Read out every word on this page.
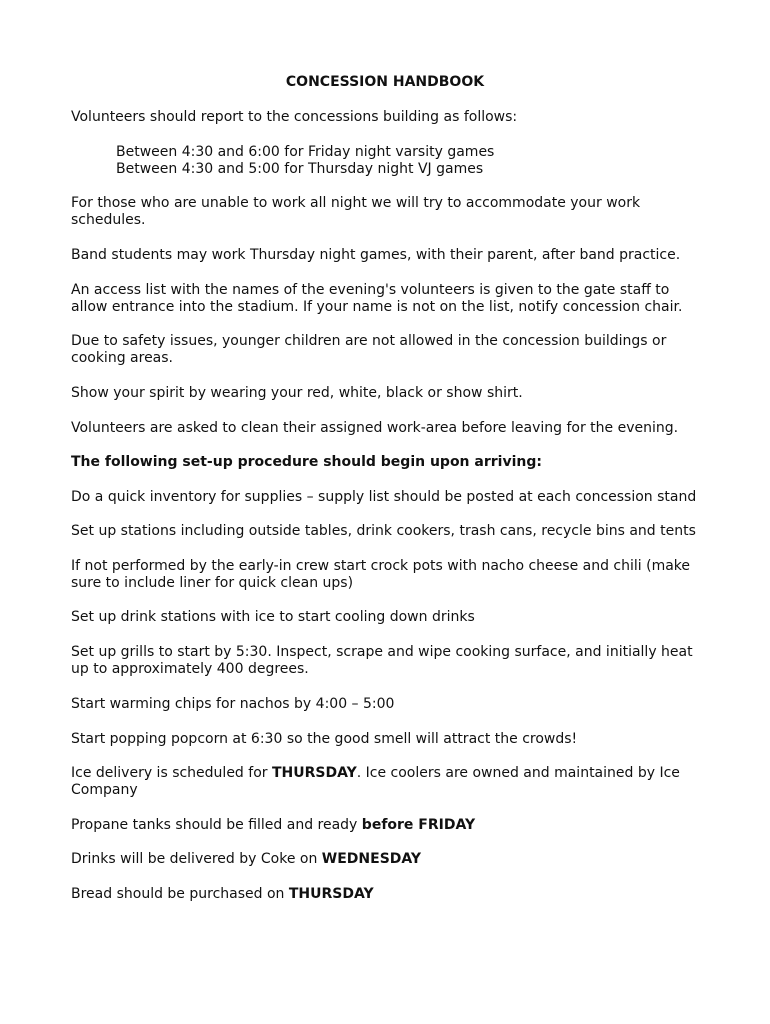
CONCESSION HANDBOOK

Volunteers should report to the concessions building as follows:

Between 4:30 and 6:00 for Friday night varsity games
Between 4:30 and 5:00 for Thursday night VJ games

For those who are unable to work all night we will try to accommodate your work
schedules.

Band students may work Thursday night games, with their parent, after band practice.

An access list with the names of the evening's volunteers is given to the gate staff to
allow entrance into the stadium. If your name is not on the list, notify concession chair.

Due to safety issues, younger children are not allowed in the concession buildings or
cooking areas.

Show your spirit by wearing your red, white, black or show shirt.

Volunteers are asked to clean their assigned work-area before leaving for the evening.

The following set-up procedure should begin upon arriving:

Do a quick inventory for supplies – supply list should be posted at each concession stand

Set up stations including outside tables, drink cookers, trash cans, recycle bins and tents

If not performed by the early-in crew start crock pots with nacho cheese and chili (make
sure to include liner for quick clean ups)

Set up drink stations with ice to start cooling down drinks

Set up grills to start by 5:30. Inspect, scrape and wipe cooking surface, and initially heat
up to approximately 400 degrees.

Start warming chips for nachos by 4:00 – 5:00

Start popping popcorn at 6:30 so the good smell will attract the crowds!

Ice delivery is scheduled for THURSDAY. Ice coolers are owned and maintained by Ice
Company

Propane tanks should be filled and ready before FRIDAY

Drinks will be delivered by Coke on WEDNESDAY

Bread should be purchased on THURSDAY
